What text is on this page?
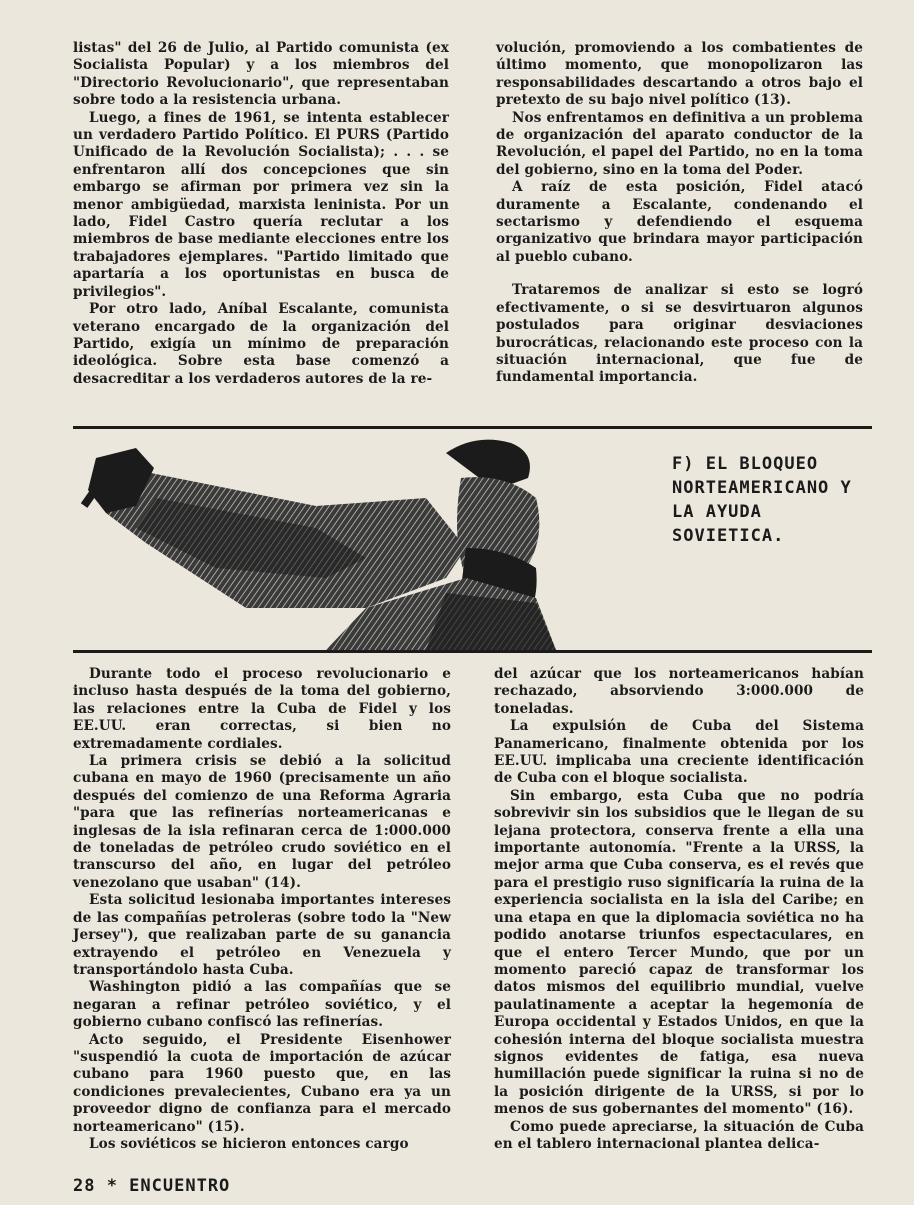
listas" del 26 de Julio, al Partido comunista (ex Socialista Popular) y a los miembros del "Directorio Revolucionario", que representaban sobre todo a la resistencia urbana.

Luego, a fines de 1961, se intenta establecer un verdadero Partido Político. El PURS (Partido Unificado de la Revolución Socialista); . . . se enfrentaron allí dos concepciones que sin embargo se afirman por primera vez sin la menor ambigüedad, marxista leninista. Por un lado, Fidel Castro quería reclutar a los miembros de base mediante elecciones entre los trabajadores ejemplares. "Partido limitado que apartaría a los oportunistas en busca de privilegios".

Por otro lado, Aníbal Escalante, comunista veterano encargado de la organización del Partido, exigía un mínimo de preparación ideológica. Sobre esta base comenzó a desacreditar a los verdaderos autores de la re-

volución, promoviendo a los combatientes de último momento, que monopolizaron las responsabilidades descartando a otros bajo el pretexto de su bajo nivel político (13).

Nos enfrentamos en definitiva a un problema de organización del aparato conductor de la Revolución, el papel del Partido, no en la toma del gobierno, sino en la toma del Poder.

A raíz de esta posición, Fidel atacó duramente a Escalante, condenando el sectarismo y defendiendo el esquema organizativo que brindara mayor participación al pueblo cubano.

Trataremos de analizar si esto se logró efectivamente, o si se desvirtuaron algunos postulados para originar desviaciones burocráticas, relacionando este proceso con la situación internacional, que fue de fundamental importancia.

F) EL BLOQUEO
NORTEAMERICANO Y
LA AYUDA
SOVIETICA.

Durante todo el proceso revolucionario e incluso hasta después de la toma del gobierno, las relaciones entre la Cuba de Fidel y los EE.UU. eran correctas, si bien no extremadamente cordiales.

La primera crisis se debió a la solicitud cubana en mayo de 1960 (precisamente un año después del comienzo de una Reforma Agraria "para que las refinerías norteamericanas e inglesas de la isla refinaran cerca de 1:000.000 de toneladas de petróleo crudo soviético en el transcurso del año, en lugar del petróleo venezolano que usaban" (14).

Esta solicitud lesionaba importantes intereses de las compañías petroleras (sobre todo la "New Jersey"), que realizaban parte de su ganancia extrayendo el petróleo en Venezuela y transportándolo hasta Cuba.

Washington pidió a las compañías que se negaran a refinar petróleo soviético, y el gobierno cubano confiscó las refinerías.

Acto seguido, el Presidente Eisenhower "suspendió la cuota de importación de azúcar cubano para 1960 puesto que, en las condiciones prevalecientes, Cubano era ya un proveedor digno de confianza para el mercado norteamericano" (15).

Los soviéticos se hicieron entonces cargo

del azúcar que los norteamericanos habían rechazado, absorviendo 3:000.000 de toneladas.

La expulsión de Cuba del Sistema Panamericano, finalmente obtenida por los EE.UU. implicaba una creciente identificación de Cuba con el bloque socialista.

Sin embargo, esta Cuba que no podría sobrevivir sin los subsidios que le llegan de su lejana protectora, conserva frente a ella una importante autonomía. "Frente a la URSS, la mejor arma que Cuba conserva, es el revés que para el prestigio ruso significaría la ruina de la experiencia socialista en la isla del Caribe; en una etapa en que la diplomacia soviética no ha podido anotarse triunfos espectaculares, en que el entero Tercer Mundo, que por un momento pareció capaz de transformar los datos mismos del equilibrio mundial, vuelve paulatinamente a aceptar la hegemonía de Europa occidental y Estados Unidos, en que la cohesión interna del bloque socialista muestra signos evidentes de fatiga, esa nueva humillación puede significar la ruina si no de la posición dirigente de la URSS, si por lo menos de sus gobernantes del momento" (16).

Como puede apreciarse, la situación de Cuba en el tablero internacional plantea delica-

28 * ENCUENTRO
